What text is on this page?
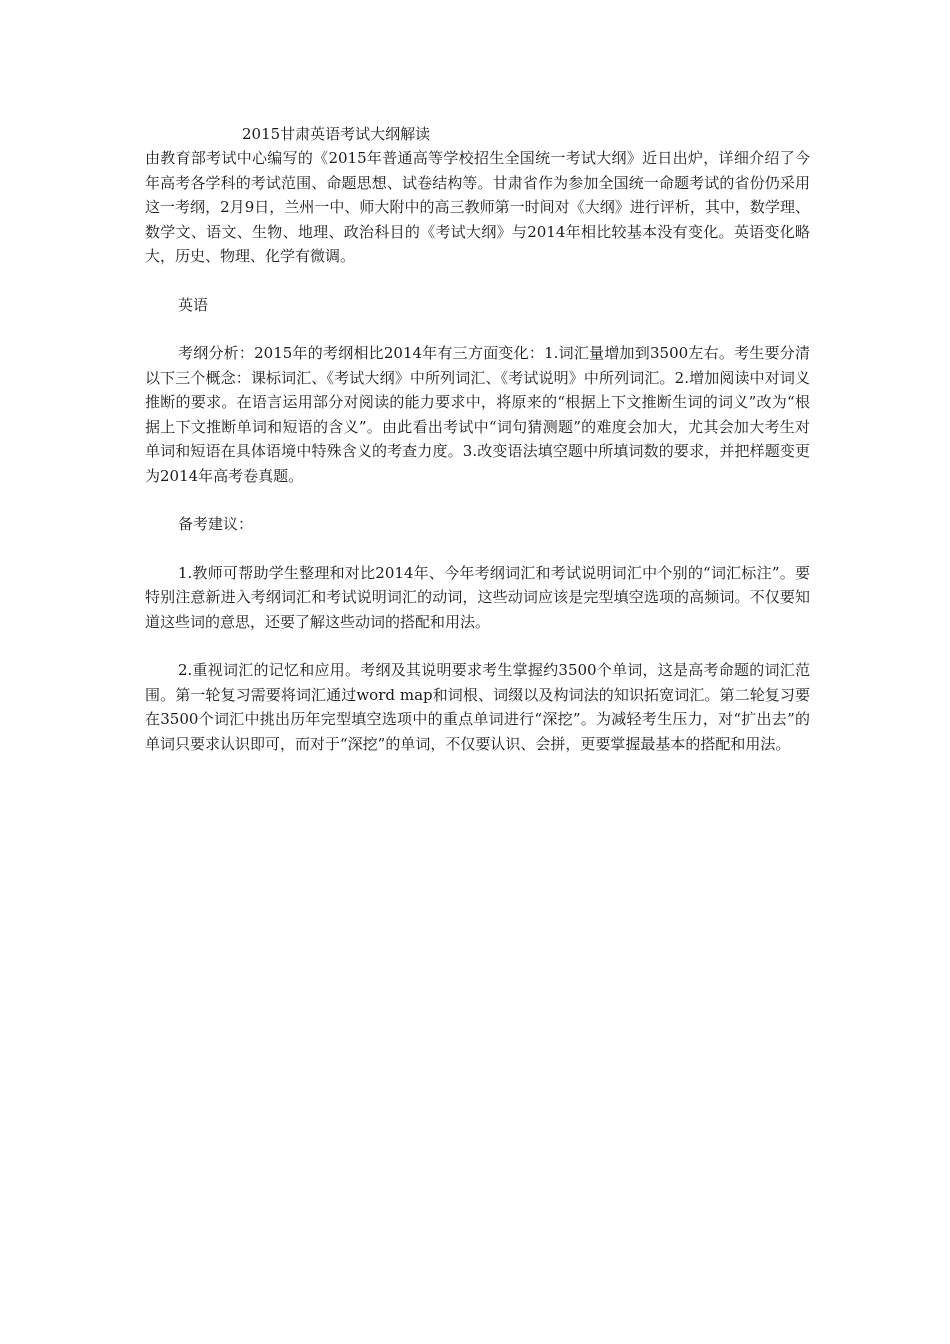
2015甘肃英语考试大纲解读

由教育部考试中心编写的《2015年普通高等学校招生全国统一考试大纲》近日出炉，详细介绍了今年高考各学科的考试范围、命题思想、试卷结构等。甘肃省作为参加全国统一命题考试的省份仍采用这一考纲，2月9日，兰州一中、师大附中的高三教师第一时间对《大纲》进行评析，其中，数学理、数学文、语文、生物、地理、政治科目的《考试大纲》与2014年相比较基本没有变化。英语变化略大，历史、物理、化学有微调。

英语

考纲分析：2015年的考纲相比2014年有三方面变化：1.词汇量增加到3500左右。考生要分清以下三个概念：课标词汇、《考试大纲》中所列词汇、《考试说明》中所列词汇。2.增加阅读中对词义推断的要求。在语言运用部分对阅读的能力要求中，将原来的“根据上下文推断生词的词义”改为“根据上下文推断单词和短语的含义”。由此看出考试中“词句猜测题”的难度会加大，尤其会加大考生对单词和短语在具体语境中特殊含义的考查力度。3.改变语法填空题中所填词数的要求，并把样题变更为2014年高考卷真题。

备考建议：

1.教师可帮助学生整理和对比2014年、今年考纲词汇和考试说明词汇中个别的“词汇标注”。要特别注意新进入考纲词汇和考试说明词汇的动词，这些动词应该是完型填空选项的高频词。不仅要知道这些词的意思，还要了解这些动词的搭配和用法。

2.重视词汇的记忆和应用。考纲及其说明要求考生掌握约3500个单词，这是高考命题的词汇范围。第一轮复习需要将词汇通过word map和词根、词缀以及构词法的知识拓宽词汇。第二轮复习要在3500个词汇中挑出历年完型填空选项中的重点单词进行“深挖”。为减轻考生压力，对“扩出去”的单词只要求认识即可，而对于“深挖”的单词，不仅要认识、会拼，更要掌握最基本的搭配和用法。
